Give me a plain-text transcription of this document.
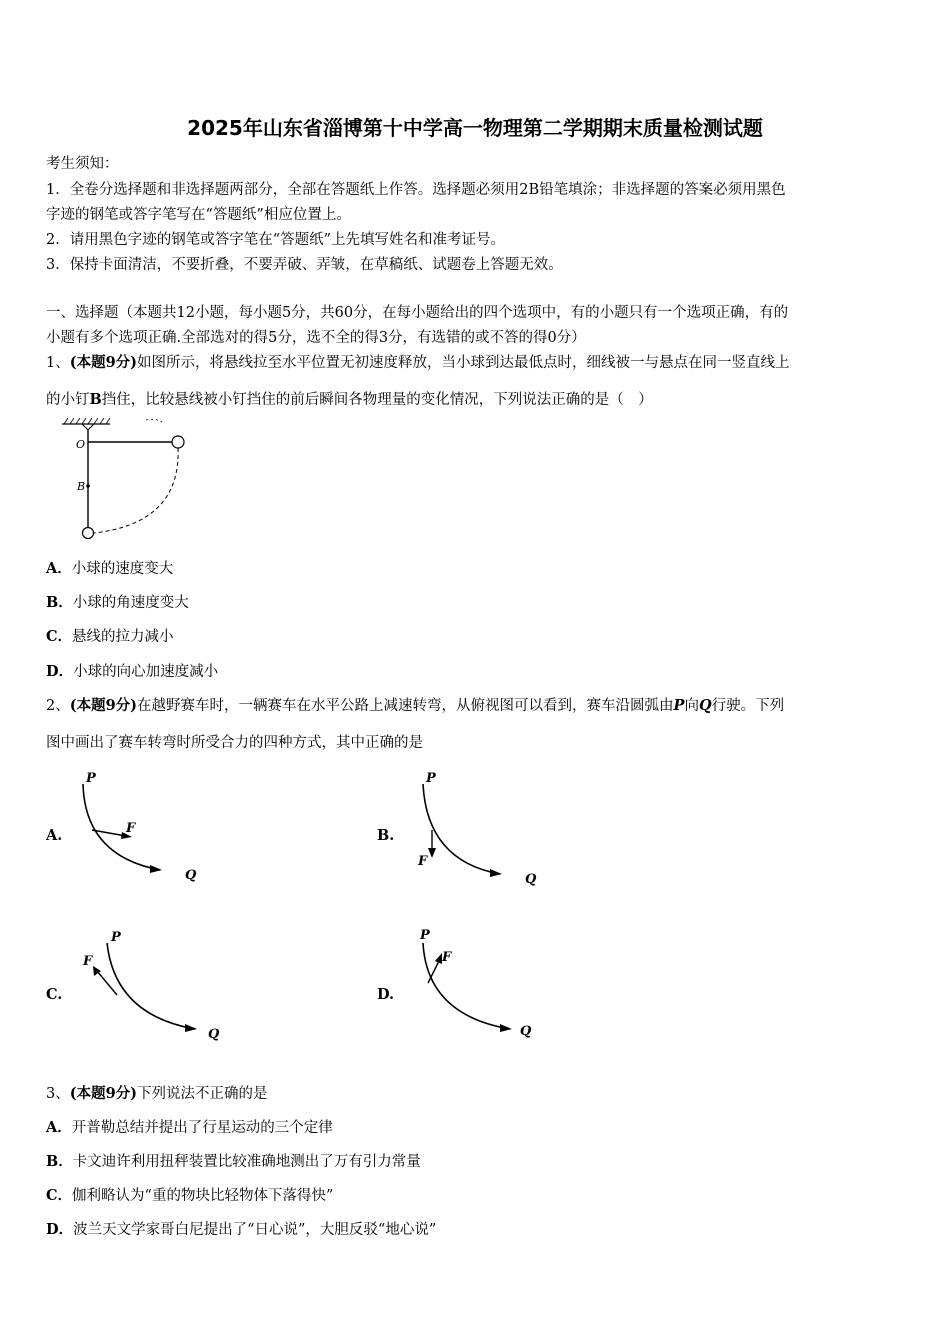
2025年山东省淄博第十中学高一物理第二学期期末质量检测试题
考生须知：
1．全卷分选择题和非选择题两部分，全部在答题纸上作答。选择题必须用2B铅笔填涂；非选择题的答案必须用黑色
字迹的钢笔或答字笔写在“答题纸”相应位置上。
2．请用黑色字迹的钢笔或答字笔在“答题纸”上先填写姓名和准考证号。
3．保持卡面清洁，不要折叠，不要弄破、弄皱，在草稿纸、试题卷上答题无效。
一、选择题（本题共12小题，每小题5分，共60分，在每小题给出的四个选项中，有的小题只有一个选项正确，有的
小题有多个选项正确.全部选对的得5分，选不全的得3分，有选错的或不答的得0分）
1、(本题9分)如图所示，将悬线拉至水平位置无初速度释放，当小球到达最低点时，细线被一与悬点在同一竖直线上
的小钉B挡住，比较悬线被小钉挡住的前后瞬间各物理量的变化情况，下列说法正确的是（　）
O
B
A．小球的速度变大
B．小球的角速度变大
C．悬线的拉力减小
D．小球的向心加速度减小
2、(本题9分)在越野赛车时，一辆赛车在水平公路上减速转弯，从俯视图可以看到，赛车沿圆弧由P向Q行驶。下列
图中画出了赛车转弯时所受合力的四种方式，其中正确的是
A.
P
F
Q
B.
P
F
Q
C.
P
F
Q
D.
P
F
Q
3、(本题9分)下列说法不正确的是
A．开普勒总结并提出了行星运动的三个定律
B．卡文迪许利用扭秤装置比较准确地测出了万有引力常量
C．伽利略认为“重的物块比轻物体下落得快”
D．波兰天文学家哥白尼提出了“日心说”，大胆反驳“地心说”
